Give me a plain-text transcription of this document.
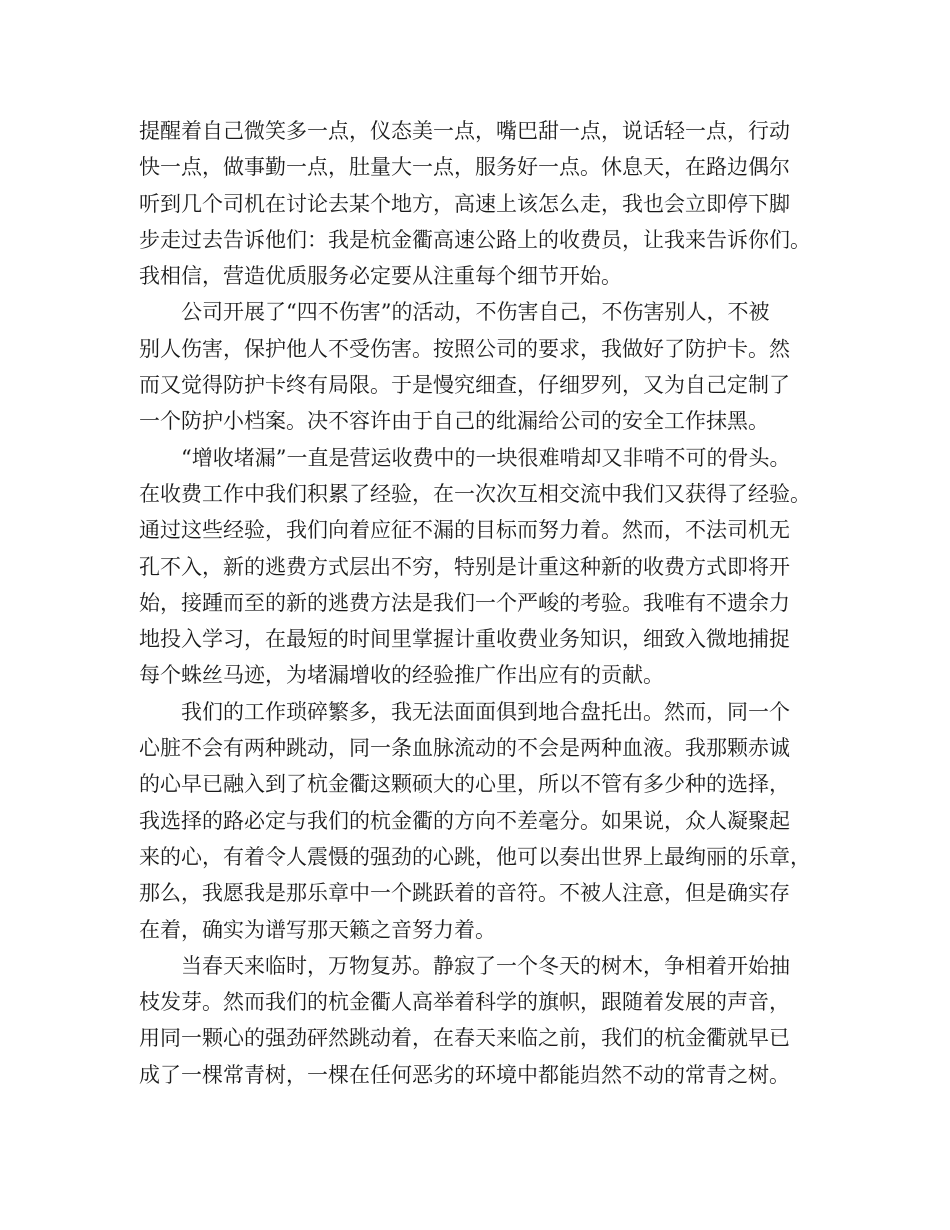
提醒着自己微笑多一点，仪态美一点，嘴巴甜一点，说话轻一点，行动
快一点，做事勤一点，肚量大一点，服务好一点。休息天，在路边偶尔
听到几个司机在讨论去某个地方，高速上该怎么走，我也会立即停下脚
步走过去告诉他们：我是杭金衢高速公路上的收费员，让我来告诉你们。
我相信，营造优质服务必定要从注重每个细节开始。
公司开展了“四不伤害”的活动，不伤害自己，不伤害别人，不被
别人伤害，保护他人不受伤害。按照公司的要求，我做好了防护卡。然
而又觉得防护卡终有局限。于是慢究细查，仔细罗列，又为自己定制了
一个防护小档案。决不容许由于自己的纰漏给公司的安全工作抹黑。
“增收堵漏”一直是营运收费中的一块很难啃却又非啃不可的骨头。
在收费工作中我们积累了经验，在一次次互相交流中我们又获得了经验。
通过这些经验，我们向着应征不漏的目标而努力着。然而，不法司机无
孔不入，新的逃费方式层出不穷，特别是计重这种新的收费方式即将开
始，接踵而至的新的逃费方法是我们一个严峻的考验。我唯有不遗余力
地投入学习，在最短的时间里掌握计重收费业务知识，细致入微地捕捉
每个蛛丝马迹，为堵漏增收的经验推广作出应有的贡献。
我们的工作琐碎繁多，我无法面面俱到地合盘托出。然而，同一个
心脏不会有两种跳动，同一条血脉流动的不会是两种血液。我那颗赤诚
的心早已融入到了杭金衢这颗硕大的心里，所以不管有多少种的选择，
我选择的路必定与我们的杭金衢的方向不差毫分。如果说，众人凝聚起
来的心，有着令人震慑的强劲的心跳，他可以奏出世界上最绚丽的乐章，
那么，我愿我是那乐章中一个跳跃着的音符。不被人注意，但是确实存
在着，确实为谱写那天籁之音努力着。
当春天来临时，万物复苏。静寂了一个冬天的树木，争相着开始抽
枝发芽。然而我们的杭金衢人高举着科学的旗帜，跟随着发展的声音，
用同一颗心的强劲砰然跳动着，在春天来临之前，我们的杭金衢就早已
成了一棵常青树，一棵在任何恶劣的环境中都能岿然不动的常青之树。
